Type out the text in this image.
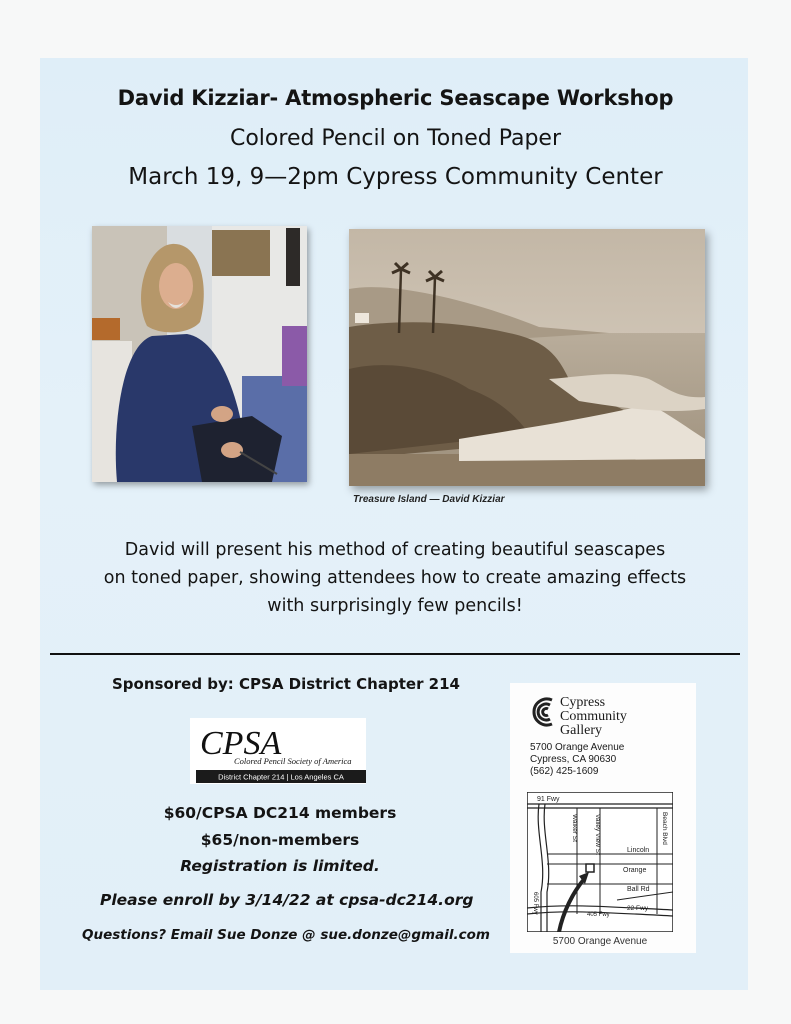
David Kizziar- Atmospheric Seascape Workshop
Colored Pencil on Toned Paper
March 19, 9—2pm Cypress Community Center
Treasure Island — David Kizziar
David will present his method of creating beautiful seascapes
on toned paper, showing attendees how to create amazing effects
with surprisingly few pencils!
Sponsored by: CPSA District Chapter 214
CPSA
Colored Pencil Society of America
District Chapter 214 | Los Angeles CA
$60/CPSA DC214 members
$65/non-members
Registration is limited.
Please enroll by 3/14/22 at cpsa-dc214.org
Questions? Email Sue Donze @ sue.donze@gmail.com
Cypress
Community
Gallery
5700 Orange Avenue
Cypress, CA 90630
(562) 425-1609
91 Fwy
Walker St Valley View St	Beach Blvd
Lincoln
Orange
Ball Rd
405 Fwy
22 Fwy
605 Fwy
5700 Orange Avenue
